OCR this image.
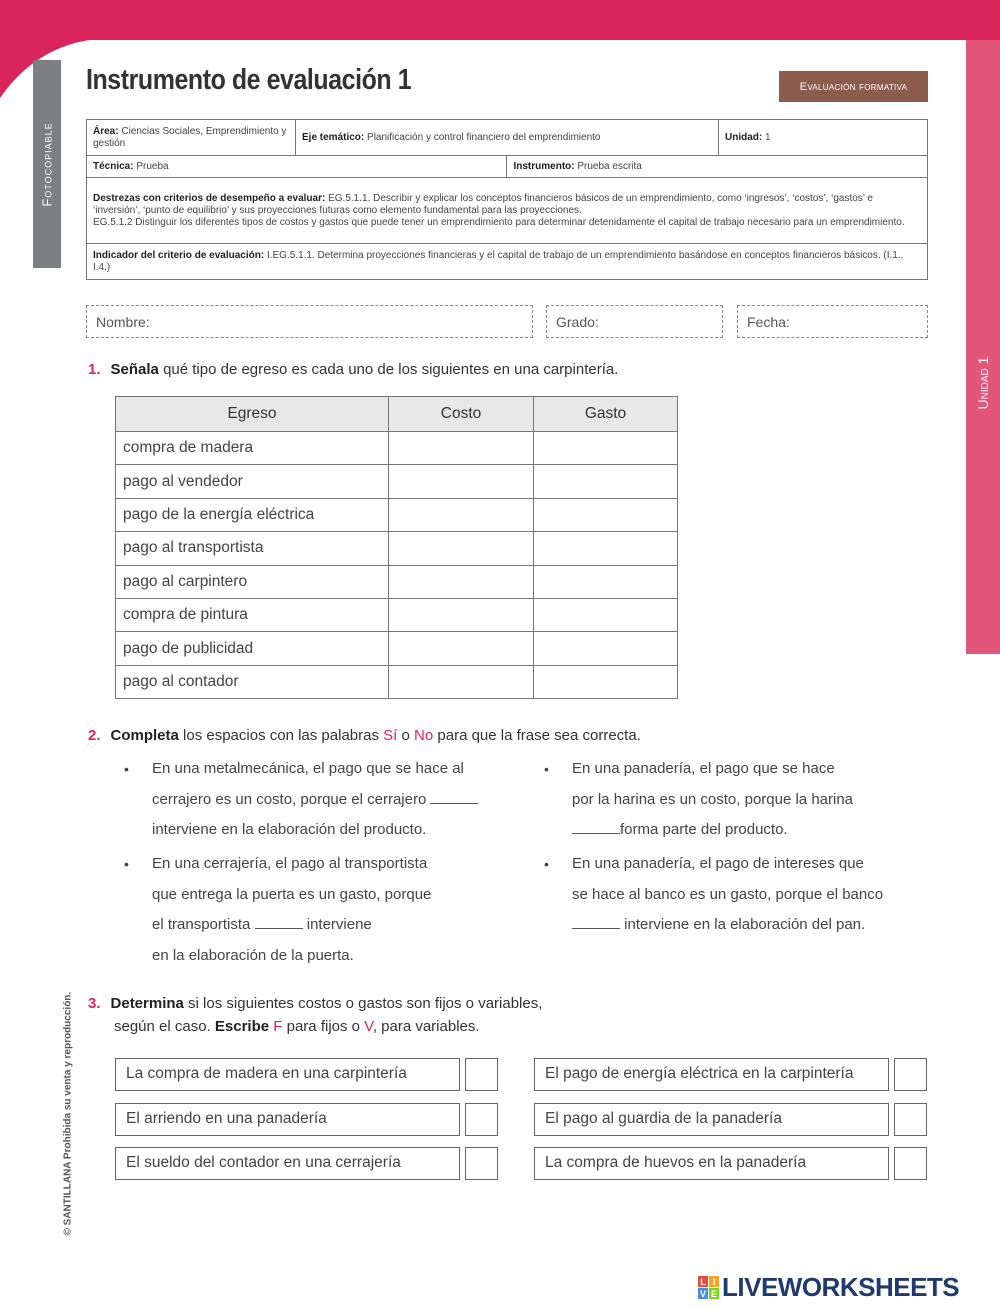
Fotocopiable
Unidad 1
Instrumento de evaluación 1	Evaluación formativa
Área: Ciencias Sociales, Emprendimiento y gestión	Eje temático: Planificación y control financiero del emprendimiento		Unidad: 1
Técnica: Prueba		Instrumento: Prueba escrita	
Destrezas con criterios de desempeño a evaluar: EG.5.1.1. Describir y explicar los conceptos financieros básicos de un emprendimiento, como ‘ingresos’, ‘costos’, ‘gastos’ e ‘inversión’, ‘punto de equilibrio’ y sus proyecciones futuras como elemento fundamental para las proyecciones.
EG.5.1.2 Distinguir los diferentes tipos de costos y gastos que puede tener un emprendimiento para determinar detenidamente el capital de trabajo necesario para un emprendimiento.			
Indicador del criterio de evaluación: I.EG.5.1.1. Determina proyecciones financieras y el capital de trabajo de un emprendimiento basándose en conceptos financieros básicos. (I.1., I.4.)			
Nombre:	Grado:	Fecha:
1. Señala qué tipo de egreso es cada uno de los siguientes en una carpintería.
Egreso	Costo	Gasto
compra de madera		
pago al vendedor		
pago de la energía eléctrica		
pago al transportista		
pago al carpintero		
compra de pintura		
pago de publicidad		
pago al contador		
2. Completa los espacios con las palabras Sí o No para que la frase sea correcta.
• En una metalmecánica, el pago que se hace al
cerrajero es un costo, porque el cerrajero
interviene en la elaboración del producto.
• En una cerrajería, el pago al transportista
que entrega la puerta es un gasto, porque
el transportista	interviene
en la elaboración de la puerta.
• En una panadería, el pago que se hace
por la harina es un costo, porque la harina
forma parte del producto.
• En una panadería, el pago de intereses que
se hace al banco es un gasto, porque el banco
interviene en la elaboración del pan.
3. Determina si los siguientes costos o gastos son fijos o variables,
según el caso. Escribe F para fijos o V, para variables.
La compra de madera en una carpintería
El arriendo en una panadería
El sueldo del contador en una cerrajería
El pago de energía eléctrica en la carpintería
El pago al guardia de la panadería
La compra de huevos en la panadería
© SANTILLANA Prohibida su venta y reproducción.
L I
V E LIVEWORKSHEETS
